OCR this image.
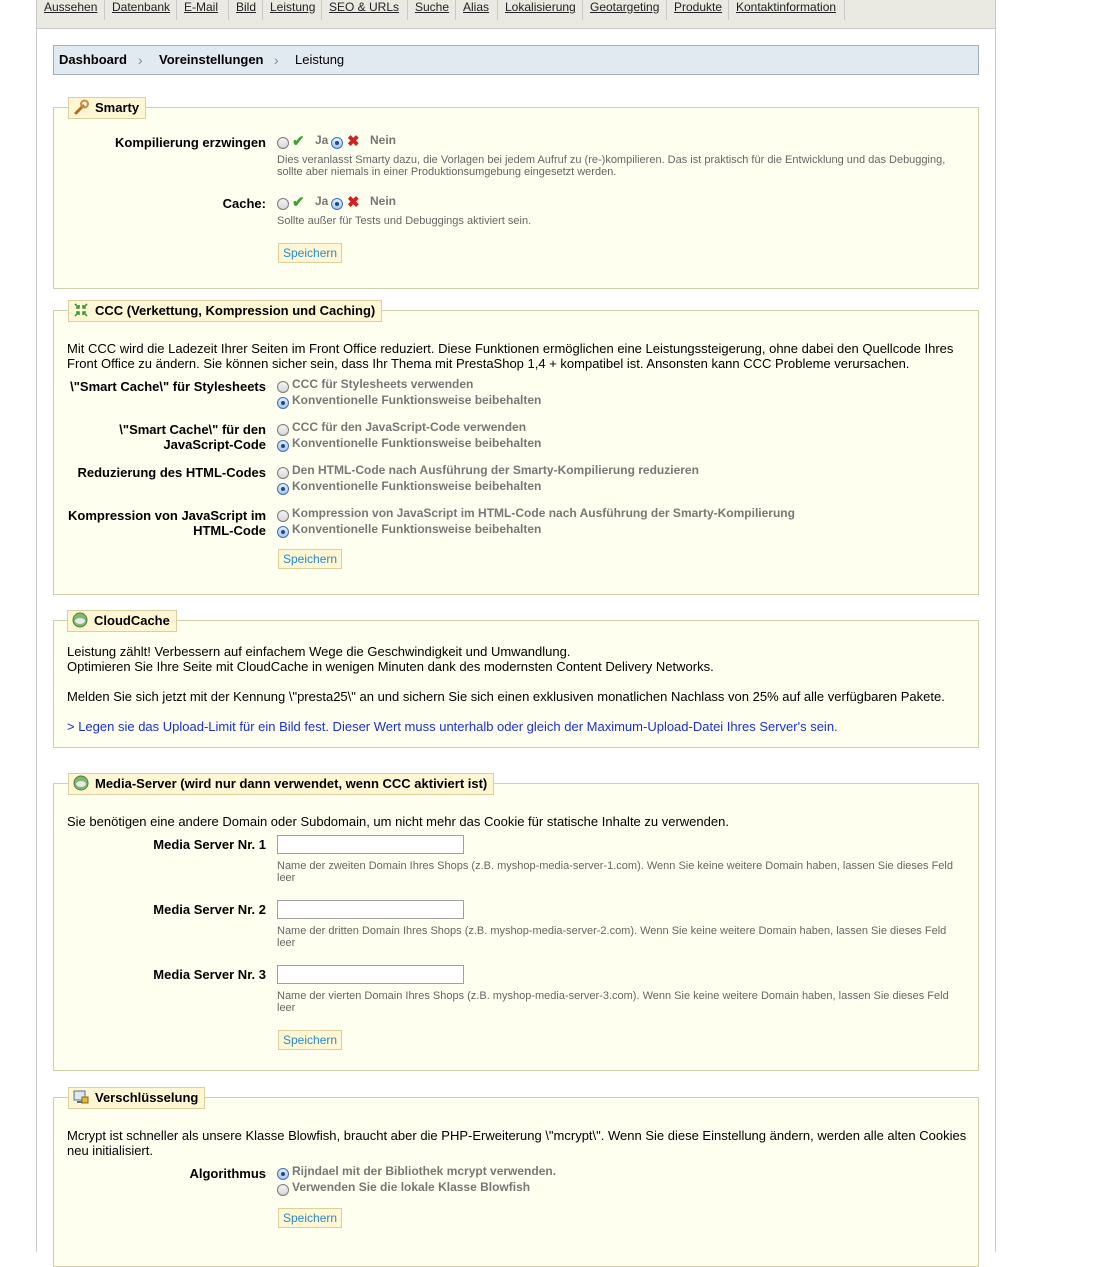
Aussehen	Datenbank	E-Mail	Bild	Leistung	SEO & URLs	Suche	Alias	Lokalisierung	Geotargeting	Produkte	Kontaktinformation
Dashboard › Voreinstellungen › Leistung
Smarty
Kompilierung erzwingen ✔ Ja ✖ Nein
Dies veranlasst Smarty dazu, die Vorlagen bei jedem Aufruf zu (re-)kompilieren. Das ist praktisch für die Entwicklung und das Debugging, sollte aber niemals in einer Produktionsumgebung eingesetzt werden.
Cache: ✔ Ja ✖ Nein
Sollte außer für Tests und Debuggings aktiviert sein.
Speichern
CCC (Verkettung, Kompression und Caching)
Mit CCC wird die Ladezeit Ihrer Seiten im Front Office reduziert. Diese Funktionen ermöglichen eine Leistungssteigerung, ohne dabei den Quellcode Ihres Front Office zu ändern. Sie können sicher sein, dass Ihr Thema mit PrestaShop 1,4 + kompatibel ist. Ansonsten kann CCC Probleme verursachen.
\"Smart Cache\" für Stylesheets CCC für Stylesheets verwenden
Konventionelle Funktionsweise beibehalten
\"Smart Cache\" für den JavaScript-Code
CCC für den JavaScript-Code verwenden
Konventionelle Funktionsweise beibehalten
Reduzierung des HTML-Codes Den HTML-Code nach Ausführung der Smarty-Kompilierung reduzieren
Konventionelle Funktionsweise beibehalten
Kompression von JavaScript im HTML-Code
Kompression von JavaScript im HTML-Code nach Ausführung der Smarty-Kompilierung
Konventionelle Funktionsweise beibehalten
Speichern
CloudCache
Leistung zählt! Verbessern auf einfachem Wege die Geschwindigkeit und Umwandlung.
Optimieren Sie Ihre Seite mit CloudCache in wenigen Minuten dank des modernsten Content Delivery Networks.
Melden Sie sich jetzt mit der Kennung \"presta25\" an und sichern Sie sich einen exklusiven monatlichen Nachlass von 25% auf alle verfügbaren Pakete.
> Legen sie das Upload-Limit für ein Bild fest. Dieser Wert muss unterhalb oder gleich der Maximum-Upload-Datei Ihres Server's sein.
Media-Server (wird nur dann verwendet, wenn CCC aktiviert ist)
Sie benötigen eine andere Domain oder Subdomain, um nicht mehr das Cookie für statische Inhalte zu verwenden.
Media Server Nr. 1
Name der zweiten Domain Ihres Shops (z.B. myshop-media-server-1.com). Wenn Sie keine weitere Domain haben, lassen Sie dieses Feld leer
Media Server Nr. 2
Name der dritten Domain Ihres Shops (z.B. myshop-media-server-2.com). Wenn Sie keine weitere Domain haben, lassen Sie dieses Feld leer
Media Server Nr. 3
Name der vierten Domain Ihres Shops (z.B. myshop-media-server-3.com). Wenn Sie keine weitere Domain haben, lassen Sie dieses Feld leer
Speichern
Verschlüsselung
Mcrypt ist schneller als unsere Klasse Blowfish, braucht aber die PHP-Erweiterung \"mcrypt\". Wenn Sie diese Einstellung ändern, werden alle alten Cookies neu initialisiert.
Algorithmus Rijndael mit der Bibliothek mcrypt verwenden.
Verwenden Sie die lokale Klasse Blowfish
Speichern
